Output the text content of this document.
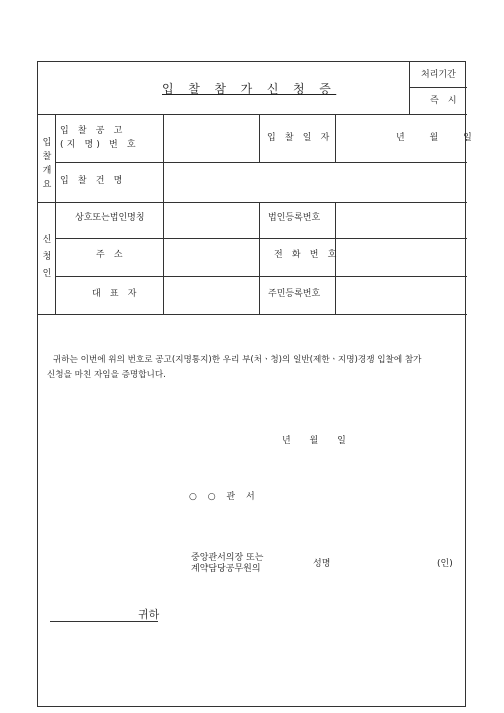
입 찰 참 가 신 청 증
처리기간
즉 시
입찰개요
입 찰 공 고
(지 명) 번 호
입 찰 일 자	년 월 일
입 찰 건 명
신
청
인
상호또는법인명칭	법인등록번호
주 소	전 화 번 호
대 표 자	주민등록번호
귀하는 이번에 위의 번호로 공고(지명통지)한 우리 부(처ㆍ청)의 일반(제한ㆍ지명)경쟁 입찰에 참가
신청을 마친 자임을 증명합니다.
년 월 일
○ ○ 관 서
중앙관서의장 또는
계약담당공무원의	성명	(인)
귀하
